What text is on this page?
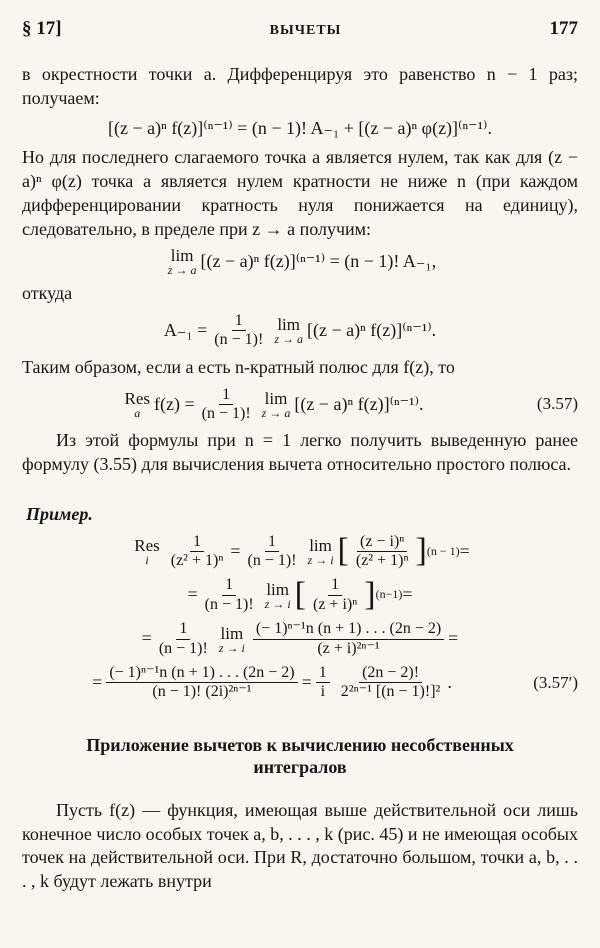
§ 17]	ВЫЧЕТЫ	177

в окрестности точки a. Дифференцируя это равенство n − 1 раз; получаем:

[(z − a)ⁿ f(z)]⁽ⁿ⁻¹⁾ = (n − 1)! A₋₁ + [(z − a)ⁿ φ(z)]⁽ⁿ⁻¹⁾.

Но для последнего слагаемого точка a является нулем, так как для (z − a)ⁿ φ(z) точка a является нулем кратности не ниже n (при каждом дифференцировании кратность нуля понижается на единицу), следовательно, в пределе при z → a получим:

lim
z → a [(z − a)ⁿ f(z)]⁽ⁿ⁻¹⁾ = (n − 1)! A₋₁,

откуда

$A_{-1} = \frac{1}{(n - 1)!}$ lim
z → a [(z − a)ⁿ f(z)]⁽ⁿ⁻¹⁾.

Таким образом, если a есть n-кратный полюс для f(z), то

Res
a $f(z) = \frac{1}{(n - 1)!}$ lim
z → a [(z − a)ⁿ f(z)]⁽ⁿ⁻¹⁾.	(3.57)

Из этой формулы при n = 1 легко получить выведенную ранее формулу (3.55) для вычисления вычета относительно простого полюса.

Пример.
Res
i $\frac{1}{\text{(z² + 1)ⁿ}} = \frac{1}{(n - 1)!}$ lim
z → i [ $\frac{\text{(z − i)ⁿ}}{\text{(z² + 1)ⁿ}}$ ] (n − 1) =
= $\frac{1}{(n - 1)!}$ lim
z → i [ $\frac{1}{\text{(z + i)ⁿ}}$ ] (n−1) =
= $\frac{1}{(n - 1)!}$ lim
z → i $\frac{\text{(− 1)ⁿ⁻¹n (n + 1) . . . (2n − 2)}}{\text{(z + i)²ⁿ⁻¹}}$ =
= $\frac{\text{(− 1)ⁿ⁻¹n (n + 1) . . . (2n − 2)}}{\text{(n − 1)! (2i)²ⁿ⁻¹}} = \frac{1}{i} \frac{(2n - 2)!}{\text{2²ⁿ⁻¹ [(n − 1)!]²}}$ .	(3.57′)
Приложение вычетов к вычислению несобственных интегралов

Пусть f(z) — функция, имеющая выше действительной оси лишь конечное число особых точек a, b, . . . , k (рис. 45) и не имеющая особых точек на действительной оси. При R, достаточно большом, точки a, b, . . . , k будут лежать внутри
